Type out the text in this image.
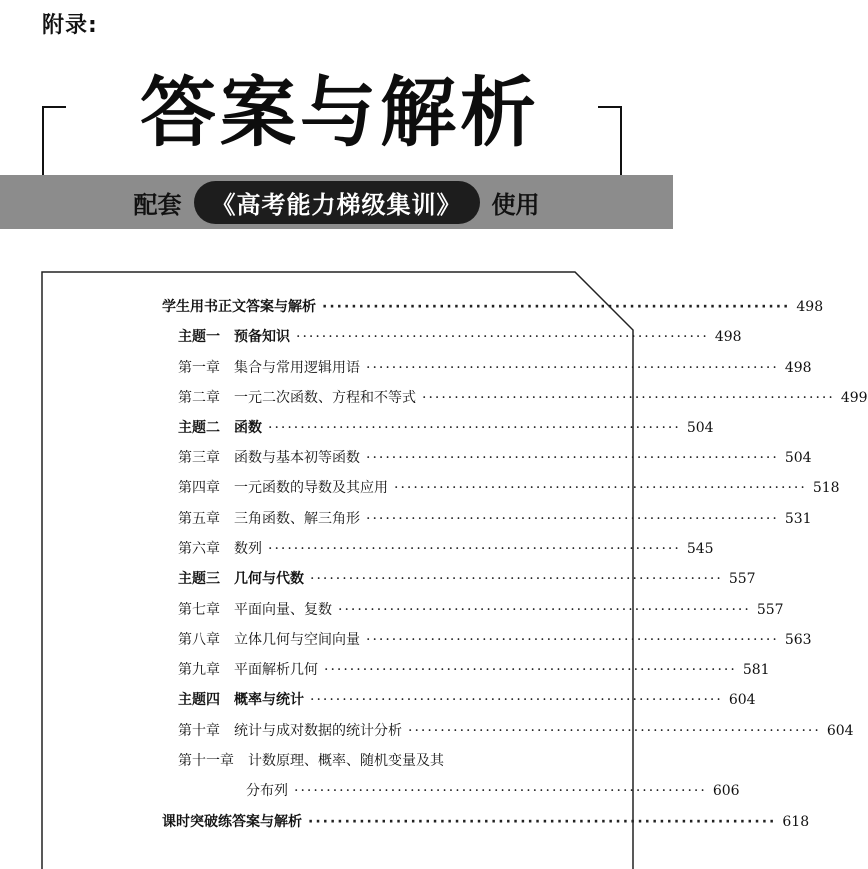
附录:
配套	《高考能力梯级集训》	使用
答案与解析
学生用书正文答案与解析 ································································ 498
主题一 预备知识 ································································ 498
第一章 集合与常用逻辑用语 ································································ 498
第二章 一元二次函数、方程和不等式 ································································ 499
主题二 函数 ································································ 504
第三章 函数与基本初等函数 ································································ 504
第四章 一元函数的导数及其应用 ································································ 518
第五章 三角函数、解三角形 ································································ 531
第六章 数列 ································································ 545
主题三 几何与代数 ································································ 557
第七章 平面向量、复数 ································································ 557
第八章 立体几何与空间向量 ································································ 563
第九章 平面解析几何 ································································ 581
主题四 概率与统计 ································································ 604
第十章 统计与成对数据的统计分析 ································································ 604
第十一章 计数原理、概率、随机变量及其
分布列 ································································ 606
课时突破练答案与解析 ································································ 618
